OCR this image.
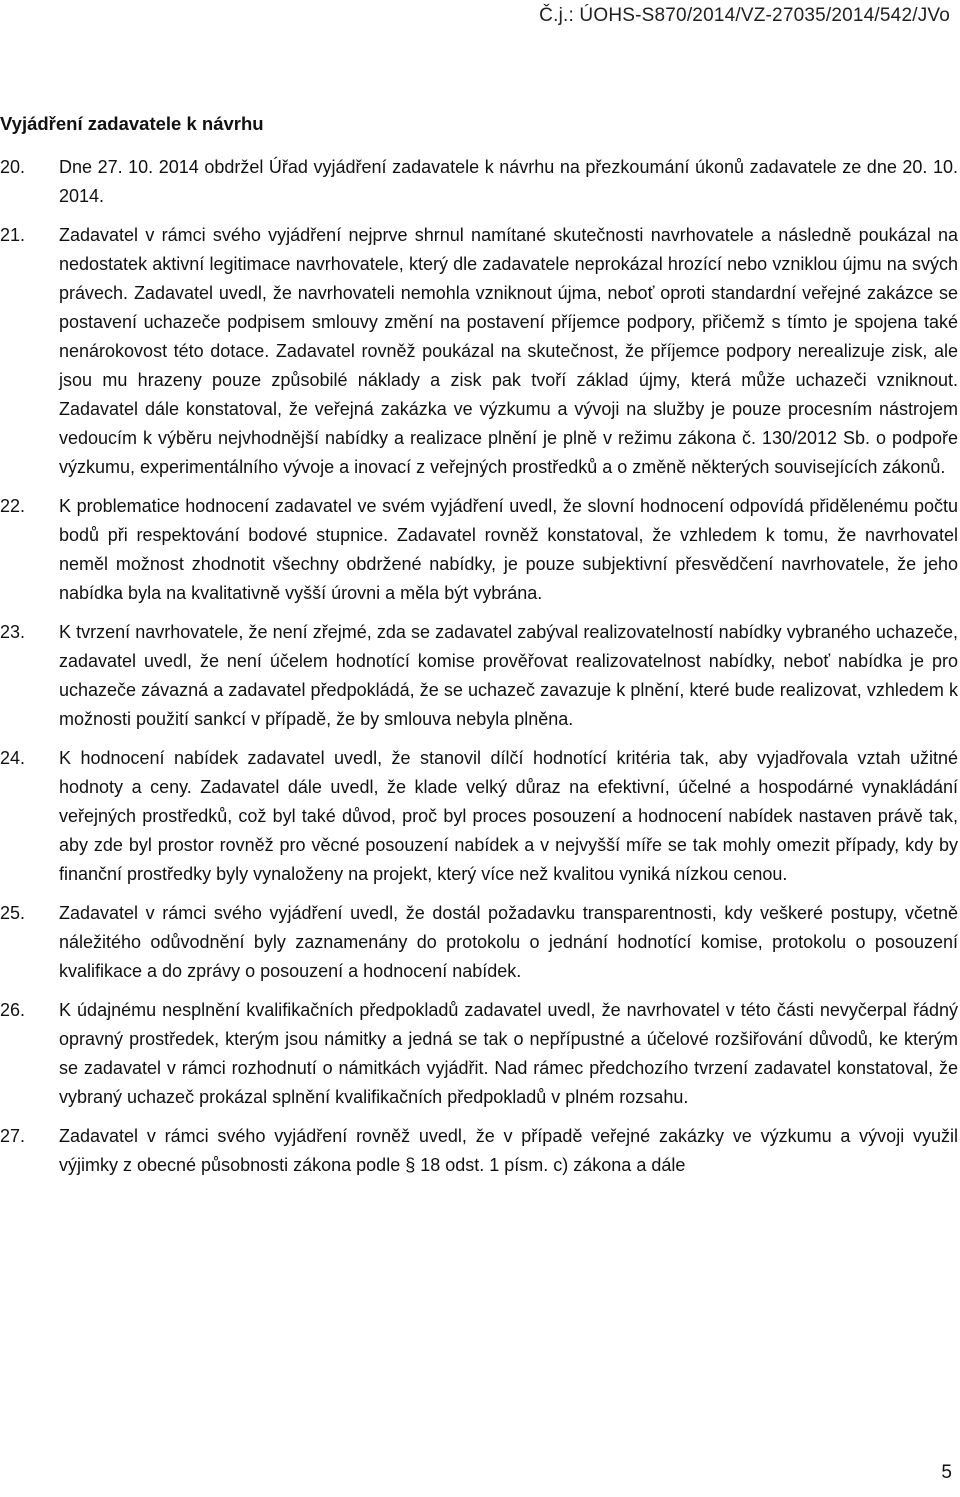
Č.j.: ÚOHS-S870/2014/VZ-27035/2014/542/JVo
Vyjádření zadavatele k návrhu
20.	Dne 27. 10. 2014 obdržel Úřad vyjádření zadavatele k návrhu na přezkoumání úkonů zadavatele ze dne 20. 10. 2014.
21.	Zadavatel v rámci svého vyjádření nejprve shrnul namítané skutečnosti navrhovatele a následně poukázal na nedostatek aktivní legitimace navrhovatele, který dle zadavatele neprokázal hrozící nebo vzniklou újmu na svých právech. Zadavatel uvedl, že navrhovateli nemohla vzniknout újma, neboť oproti standardní veřejné zakázce se postavení uchazeče podpisem smlouvy změní na postavení příjemce podpory, přičemž s tímto je spojena také nenárokovost této dotace. Zadavatel rovněž poukázal na skutečnost, že příjemce podpory nerealizuje zisk, ale jsou mu hrazeny pouze způsobilé náklady a zisk pak tvoří základ újmy, která může uchazeči vzniknout. Zadavatel dále konstatoval, že veřejná zakázka ve výzkumu a vývoji na služby je pouze procesním nástrojem vedoucím k výběru nejvhodnější nabídky a realizace plnění je plně v režimu zákona č. 130/2012 Sb. o podpoře výzkumu, experimentálního vývoje a inovací z veřejných prostředků a o změně některých souvisejících zákonů.
22.	K problematice hodnocení zadavatel ve svém vyjádření uvedl, že slovní hodnocení odpovídá přidělenému počtu bodů při respektování bodové stupnice. Zadavatel rovněž konstatoval, že vzhledem k tomu, že navrhovatel neměl možnost zhodnotit všechny obdržené nabídky, je pouze subjektivní přesvědčení navrhovatele, že jeho nabídka byla na kvalitativně vyšší úrovni a měla být vybrána.
23.	K tvrzení navrhovatele, že není zřejmé, zda se zadavatel zabýval realizovatelností nabídky vybraného uchazeče, zadavatel uvedl, že není účelem hodnotící komise prověřovat realizovatelnost nabídky, neboť nabídka je pro uchazeče závazná a zadavatel předpokládá, že se uchazeč zavazuje k plnění, které bude realizovat, vzhledem k možnosti použití sankcí v případě, že by smlouva nebyla plněna.
24.	K hodnocení nabídek zadavatel uvedl, že stanovil dílčí hodnotící kritéria tak, aby vyjadřovala vztah užitné hodnoty a ceny. Zadavatel dále uvedl, že klade velký důraz na efektivní, účelné a hospodárné vynakládání veřejných prostředků, což byl také důvod, proč byl proces posouzení a hodnocení nabídek nastaven právě tak, aby zde byl prostor rovněž pro věcné posouzení nabídek a v nejvyšší míře se tak mohly omezit případy, kdy by finanční prostředky byly vynaloženy na projekt, který více než kvalitou vyniká nízkou cenou.
25.	Zadavatel v rámci svého vyjádření uvedl, že dostál požadavku transparentnosti, kdy veškeré postupy, včetně náležitého odůvodnění byly zaznamenány do protokolu o jednání hodnotící komise, protokolu o posouzení kvalifikace a do zprávy o posouzení a hodnocení nabídek.
26.	K údajnému nesplnění kvalifikačních předpokladů zadavatel uvedl, že navrhovatel v této části nevyčerpal řádný opravný prostředek, kterým jsou námitky a jedná se tak o nepřípustné a účelové rozšiřování důvodů, ke kterým se zadavatel v rámci rozhodnutí o námitkách vyjádřit. Nad rámec předchozího tvrzení zadavatel konstatoval, že vybraný uchazeč prokázal splnění kvalifikačních předpokladů v plném rozsahu.
27.	Zadavatel v rámci svého vyjádření rovněž uvedl, že v případě veřejné zakázky ve výzkumu a vývoji využil výjimky z obecné působnosti zákona podle § 18 odst. 1 písm. c) zákona a dále
5
